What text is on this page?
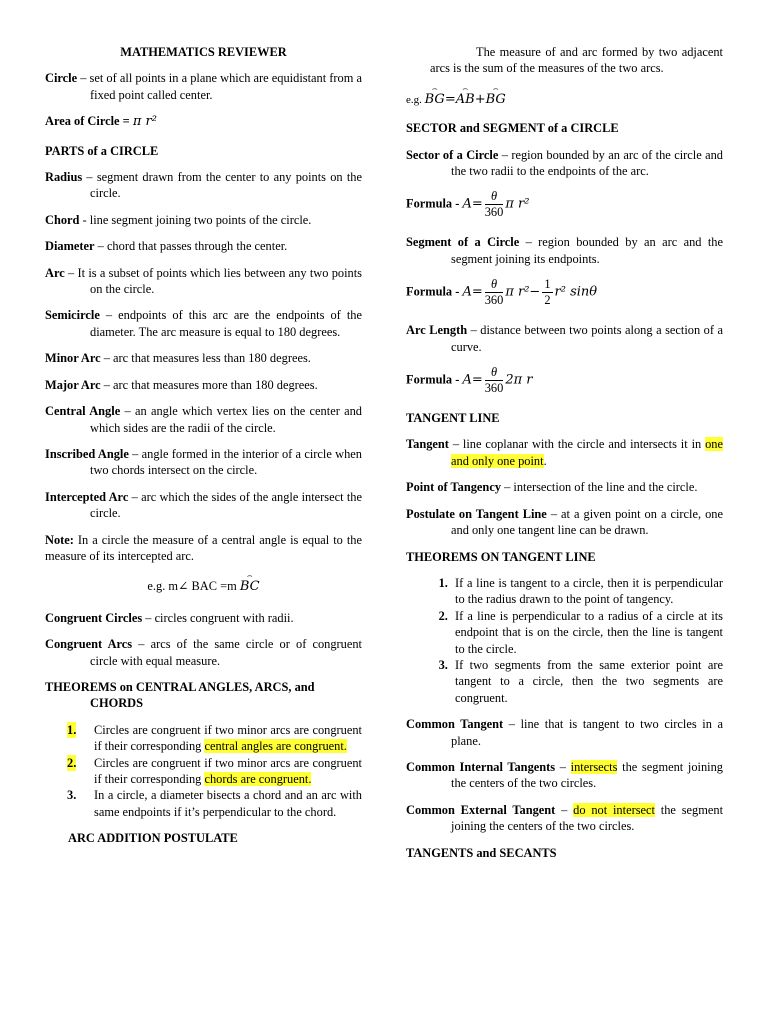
MATHEMATICS REVIEWER
Circle – set of all points in a plane which are equidistant from a fixed point called center.
Area of Circle = π r²
PARTS of a CIRCLE
Radius – segment drawn from the center to any points on the circle.
Chord - line segment joining two points of the circle.
Diameter – chord that passes through the center.
Arc – It is a subset of points which lies between any two points on the circle.
Semicircle – endpoints of this arc are the endpoints of the diameter. The arc measure is equal to 180 degrees.
Minor Arc – arc that measures less than 180 degrees.
Major Arc – arc that measures more than 180 degrees.
Central Angle – an angle which vertex lies on the center and which sides are the radii of the circle.
Inscribed Angle – angle formed in the interior of a circle when two chords intersect on the circle.
Intercepted Arc – arc which the sides of the angle intersect the circle.
Note: In a circle the measure of a central angle is equal to the measure of its intercepted arc.
e.g. m∠ BAC =m ⌢ BC
Congruent Circles – circles congruent with radii.
Congruent Arcs – arcs of the same circle or of congruent circle with equal measure.
THEOREMS on CENTRAL ANGLES, ARCS, and CHORDS
1. Circles are congruent if two minor arcs are congruent if their corresponding central angles are congruent.
2. Circles are congruent if two minor arcs are congruent if their corresponding chords are congruent.
3. In a circle, a diameter bisects a chord and an arc with same endpoints if it’s perpendicular to the chord.
ARC ADDITION POSTULATE
The measure of and arc formed by two adjacent arcs is the sum of the measures of the two arcs.
e.g. ⌢ BG=⌢ AB+⌢ BG
SECTOR and SEGMENT of a CIRCLE
Sector of a Circle – region bounded by an arc of the circle and the two radii to the endpoints of the arc.
Formula - $A= \frac{\theta}{360}$ π r²
Segment of a Circle – region bounded by an arc and the segment joining its endpoints.
Formula - $A= \frac{\theta}{360}$ π $r^2- \frac{1}{2} r^2$ sinθ
Arc Length – distance between two points along a section of a curve.
Formula - $A= \frac{\theta}{360} 2\pi$ r
TANGENT LINE
Tangent – line coplanar with the circle and intersects it in one and only one point.
Point of Tangency – intersection of the line and the circle.
Postulate on Tangent Line – at a given point on a circle, one and only one tangent line can be drawn.
THEOREMS ON TANGENT LINE
1. If a line is tangent to a circle, then it is perpendicular to the radius drawn to the point of tangency.
2. If a line is perpendicular to a radius of a circle at its endpoint that is on the circle, then the line is tangent to the circle.
3. If two segments from the same exterior point are tangent to a circle, then the two segments are congruent.
Common Tangent – line that is tangent to two circles in a plane.
Common Internal Tangents – intersects the segment joining the centers of the two circles.
Common External Tangent – do not intersect the segment joining the centers of the two circles.
TANGENTS and SECANTS
